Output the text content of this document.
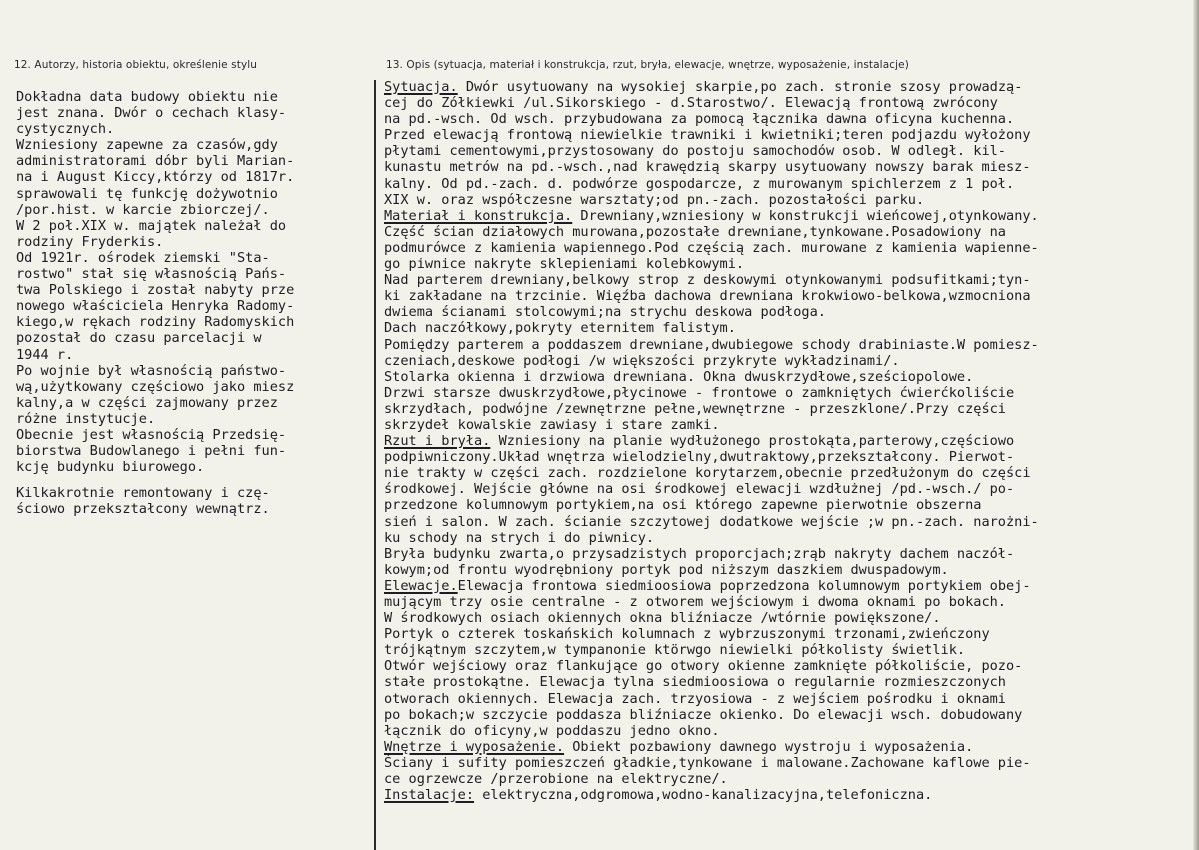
12. Autorzy, historia obiektu, określenie stylu	13. Opis (sytuacja, materiał i konstrukcja, rzut, bryła, elewacje, wnętrze, wyposażenie, instalacje)
Dokładna data budowy obiektu nie
jest znana. Dwór o cechach klasy-
cystycznych.
Wzniesiony zapewne za czasów,gdy
administratorami dóbr byli Marian-
na i August Kiccy,którzy od 1817r.
sprawowali tę funkcję dożywotnio
/por.hist. w karcie zbiorczej/.
W 2 poł.XIX w. majątek należał do
rodziny Fryderkis.
Od 1921r. ośrodek ziemski "Sta-
rostwo" stał się własnością Pańs-
twa Polskiego i został nabyty prze
nowego właściciela Henryka Radomy-
kiego,w rękach rodziny Radomyskich
pozostał do czasu parcelacji w
1944 r.
Po wojnie był własnością państwo-
wą,użytkowany częściowo jako miesz
kalny,a w części zajmowany przez
różne instytucje.
Obecnie jest własnością Przedsię-
biorstwa Budowlanego i pełni fun-
kcję budynku biurowego.
Kilkakrotnie remontowany i czę-
ściowo przekształcony wewnątrz.
Sytuacja. Dwór usytuowany na wysokiej skarpie,po zach. stronie szosy prowadzą-
cej do Zółkiewki /ul.Sikorskiego - d.Starostwo/. Elewacją frontową zwrócony
na pd.-wsch. Od wsch. przybudowana za pomocą łącznika dawna oficyna kuchenna.
Przed elewacją frontową niewielkie trawniki i kwietniki;teren podjazdu wyłożony
płytami cementowymi,przystosowany do postoju samochodów osob. W odległ. kil-
kunastu metrów na pd.-wsch.,nad krawędzią skarpy usytuowany nowszy barak miesz-
kalny. Od pd.-zach. d. podwórze gospodarcze, z murowanym spichlerzem z 1 poł.
XIX w. oraz współczesne warsztaty;od pn.-zach. pozostałości parku.
Materiał i konstrukcja. Drewniany,wzniesiony w konstrukcji wieńcowej,otynkowany.
Część ścian działowych murowana,pozostałe drewniane,tynkowane.Posadowiony na
podmurówce z kamienia wapiennego.Pod częścią zach. murowane z kamienia wapienne-
go piwnice nakryte sklepieniami kolebkowymi.
Nad parterem drewniany,belkowy strop z deskowymi otynkowanymi podsufitkami;tyn-
ki zakładane na trzcinie. Więźba dachowa drewniana krokwiowo-belkowa,wzmocniona
dwiema ścianami stolcowymi;na strychu deskowa podłoga.
Dach naczółkowy,pokryty eternitem falistym.
Pomiędzy parterem a poddaszem drewniane,dwubiegowe schody drabiniaste.W pomiesz-
czeniach,deskowe podłogi /w większości przykryte wykładzinami/.
Stolarka okienna i drzwiowa drewniana. Okna dwuskrzydłowe,sześciopolowe.
Drzwi starsze dwuskrzydłowe,płycinowe - frontowe o zamkniętych ćwierćkoliście
skrzydłach, podwójne /zewnętrzne pełne,wewnętrzne - przeszklone/.Przy części
skrzydeł kowalskie zawiasy i stare zamki.
Rzut i bryła. Wzniesiony na planie wydłużonego prostokąta,parterowy,częściowo
podpiwniczony.Układ wnętrza wielodzielny,dwutraktowy,przekształcony. Pierwot-
nie trakty w części zach. rozdzielone korytarzem,obecnie przedłużonym do części
środkowej. Wejście główne na osi środkowej elewacji wzdłużnej /pd.-wsch./ po-
przedzone kolumnowym portykiem,na osi którego zapewne pierwotnie obszerna
sień i salon. W zach. ścianie szczytowej dodatkowe wejście ;w pn.-zach. narożni-
ku schody na strych i do piwnicy.
Bryła budynku zwarta,o przysadzistych proporcjach;zrąb nakryty dachem naczół-
kowym;od frontu wyodrębniony portyk pod niższym daszkiem dwuspadowym.
Elewacje.Elewacja frontowa siedmioosiowa poprzedzona kolumnowym portykiem obej-
mującym trzy osie centralne - z otworem wejściowym i dwoma oknami po bokach.
W środkowych osiach okiennych okna bliźniacze /wtórnie powiększone/.
Portyk o czterek toskańskich kolumnach z wybrzuszonymi trzonami,zwieńczony
trójkątnym szczytem,w tympanonie ktörwgo niewielki półkolisty świetlik.
Otwór wejściowy oraz flankujące go otwory okienne zamknięte półkoliście, pozo-
stałe prostokątne. Elewacja tylna siedmioosiowa o regularnie rozmieszczonych
otworach okiennych. Elewacja zach. trzyosiowa - z wejściem pośrodku i oknami
po bokach;w szczycie poddasza bliźniacze okienko. Do elewacji wsch. dobudowany
łącznik do oficyny,w poddaszu jedno okno.
Wnętrze i wyposażenie. Obiekt pozbawiony dawnego wystroju i wyposażenia.
Ściany i sufity pomieszczeń gładkie,tynkowane i malowane.Zachowane kaflowe pie-
ce ogrzewcze /przerobione na elektryczne/.
Instalacje: elektryczna,odgromowa,wodno-kanalizacyjna,telefoniczna.
